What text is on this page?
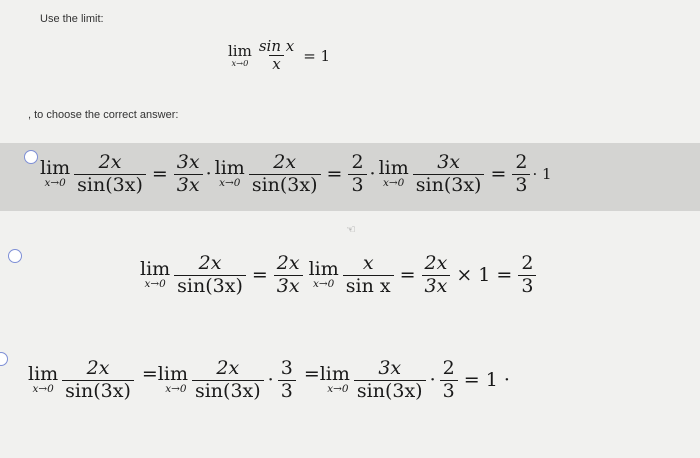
Use the limit:
lim
$x\to 0 \frac{\text{sin x}}{x} = 1$
, to choose the correct answer:
lim
$x\to 0 \frac{2x}{\sin(3x)} = \frac{3x}{3x} \cdot \lim$
$x\to 0 \frac{2x}{\sin(3x)} = \frac{2}{3} \cdot \lim$
$x\to 0 \frac{3x}{\sin(3x)} = \frac{2}{3} \cdot 1$
☜
lim
$x\to 0 \frac{2x}{\sin(3x)} = \frac{2x}{3x}$ lim
$x\to 0 \frac{x}{\text{sin x}} = \frac{2x}{3x} \times 1 = \frac{2}{3}$
lim
$x\to 0 \frac{2x}{\sin(3x)} =\lim$
$x\to 0 \frac{2x}{\sin(3x)} \cdot \frac{3}{3} =\lim$
$x\to 0 \frac{3x}{\sin(3x)} \cdot \frac{2}{3} = 1$ ·
